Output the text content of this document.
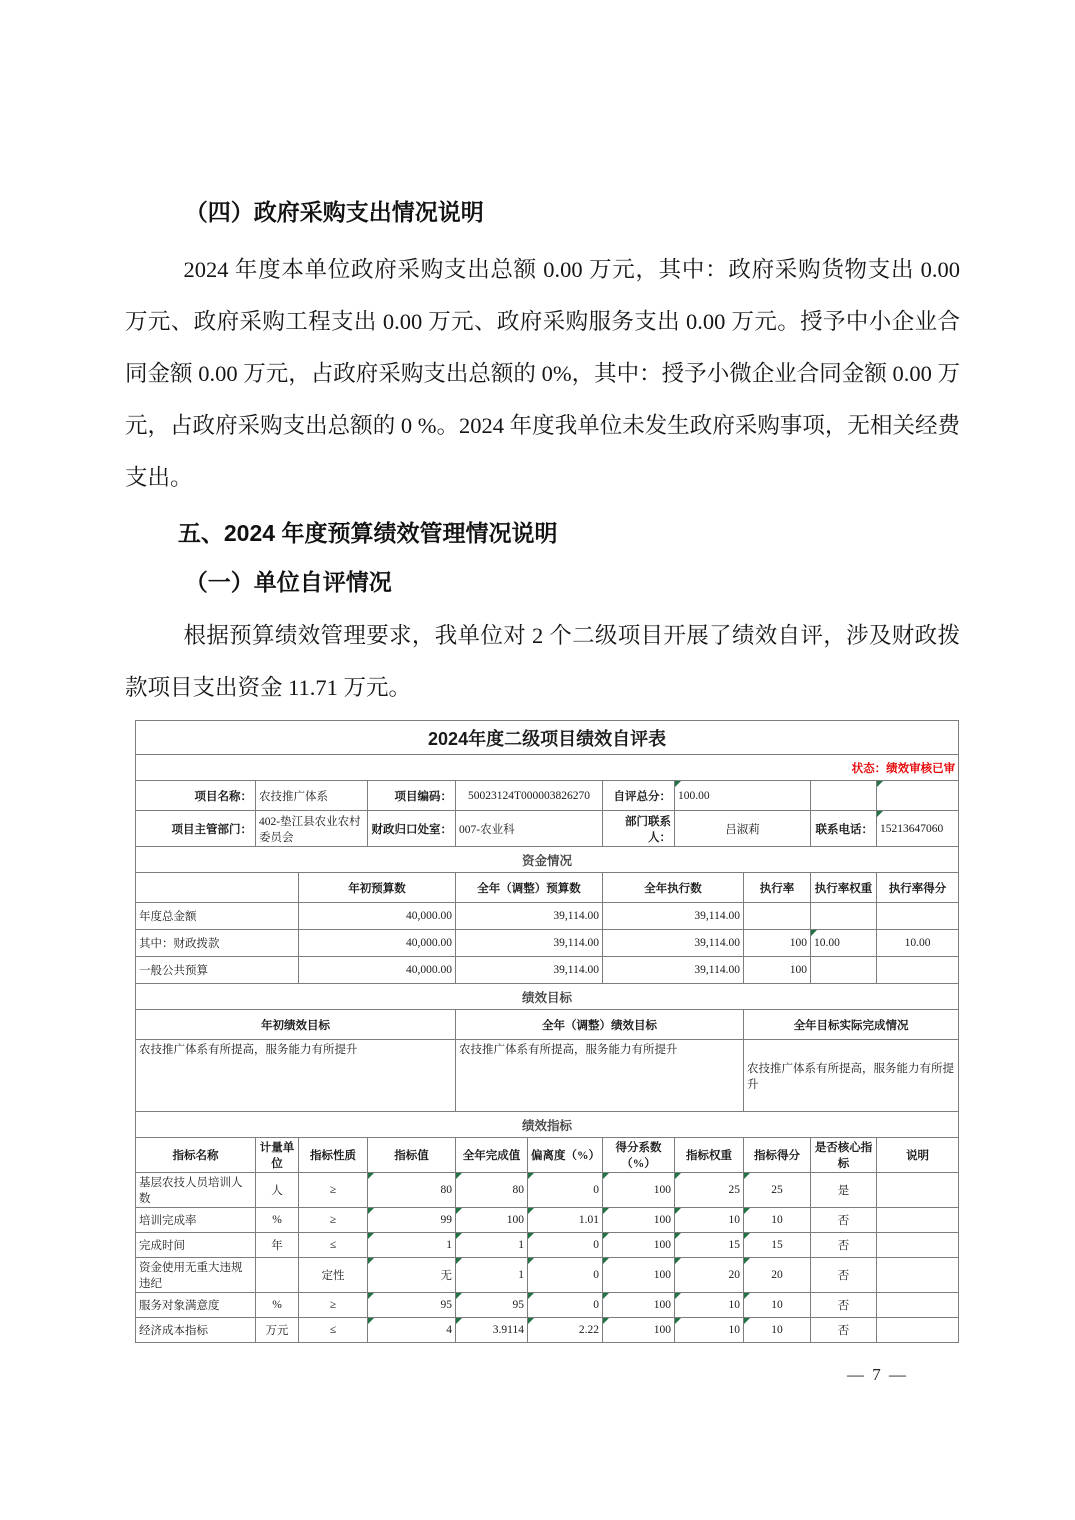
（四）政府采购支出情况说明

2024 年度本单位政府采购支出总额 0.00 万元，其中：政府采购货物支出 0.00 万元、政府采购工程支出 0.00 万元、政府采购服务支出 0.00 万元。授予中小企业合同金额 0.00 万元，占政府采购支出总额的 0%，其中：授予小微企业合同金额 0.00 万元，占政府采购支出总额的 0 %。2024 年度我单位未发生政府采购事项，无相关经费支出。

五、2024 年度预算绩效管理情况说明
（一）单位自评情况

根据预算绩效管理要求，我单位对 2 个二级项目开展了绩效自评，涉及财政拨款项目支出资金 11.71 万元。

2024年度二级项目绩效自评表										
状态：绩效审核已审										
项目名称：	农技推广体系		项目编码：	50023124T000003826270		自评总分：	100.00			
项目主管部门：	402-垫江县农业农村委员会		财政归口处室：	007-农业科		部门联系人：	吕淑莉		联系电话：	15213647060
资金情况										
		年初预算数		全年（调整）预算数		全年执行数		执行率	执行率权重	执行率得分
年度总金额		40,000.00		39,114.00		39,114.00				
其中：财政拨款		40,000.00		39,114.00		39,114.00		100	10.00	10.00
一般公共预算		40,000.00		39,114.00		39,114.00		100		
绩效目标										
年初绩效目标				全年（调整）绩效目标				全年目标实际完成情况		
农技推广体系有所提高，服务能力有所提升				农技推广体系有所提高，服务能力有所提升				农技推广体系有所提高，服务能力有所提升		
绩效指标										
指标名称	计量单位	指标性质	指标值	全年完成值	偏离度（%）	得分系数（%）	指标权重	指标得分	是否核心指标	说明
基层农技人员培训人数	人	≥	80	80	0	100	25	25	是	
培训完成率	%	≥	99	100	1.01	100	10	10	否	
完成时间	年	≤	1	1	0	100	15	15	否	
资金使用无重大违规违纪		定性	无	1	0	100	20	20	否	
服务对象满意度	%	≥	95	95	0	100	10	10	否	
经济成本指标	万元	≤	4	3.9114	2.22	100	10	10	否	
— 7 —
